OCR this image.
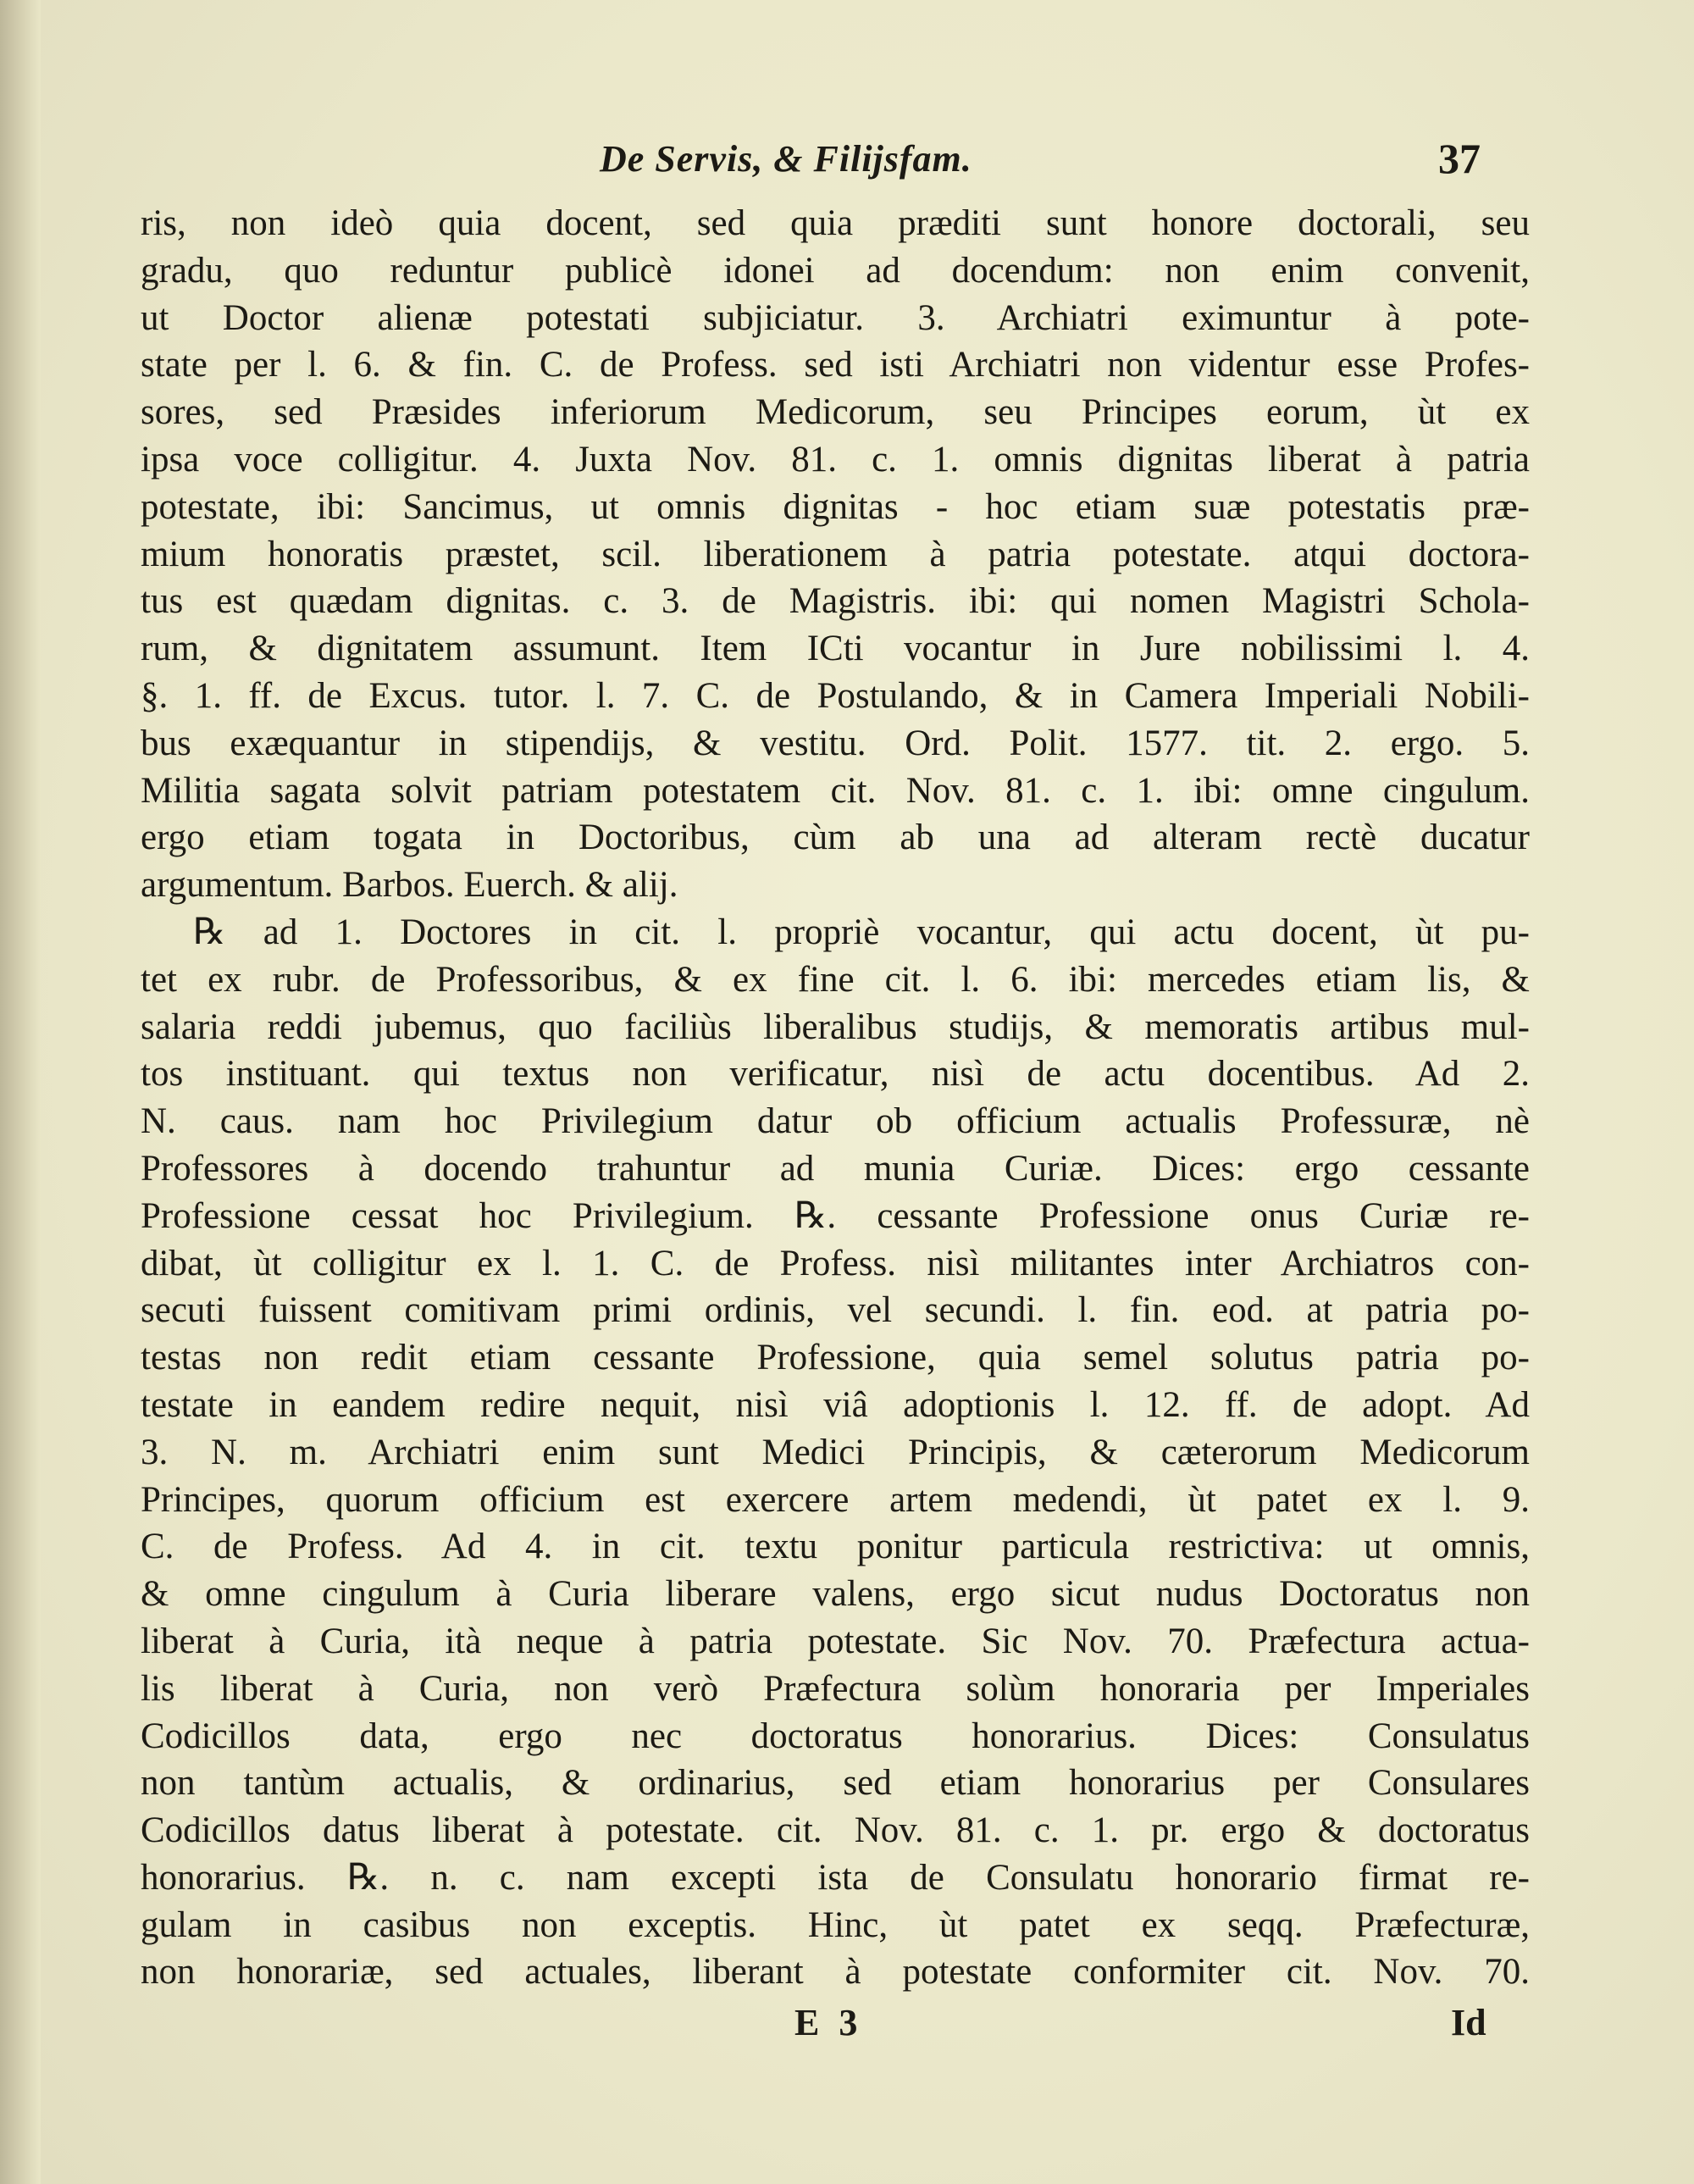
De Servis, & Filijsfam.	37
ris, non ideò quia docent, sed quia præditi sunt honore doctorali, seu
gradu, quo reduntur publicè idonei ad docendum: non enim convenit,
ut Doctor alienæ potestati subjiciatur. 3. Archiatri eximuntur à pote-
state per l. 6. & fin. C. de Profess. sed isti Archiatri non videntur esse Profes-
sores, sed Præsides inferiorum Medicorum, seu Principes eorum, ùt ex
ipsa voce colligitur. 4. Juxta Nov. 81. c. 1. omnis dignitas liberat à patria
potestate, ibi: Sancimus, ut omnis dignitas - hoc etiam suæ potestatis præ-
mium honoratis præstet, scil. liberationem à patria potestate. atqui doctora-
tus est quædam dignitas. c. 3. de Magistris. ibi: qui nomen Magistri Schola-
rum, & dignitatem assumunt. Item ICti vocantur in Jure nobilissimi l. 4.
§. 1. ff. de Excus. tutor. l. 7. C. de Postulando, & in Camera Imperiali Nobili-
bus exæquantur in stipendijs, & vestitu. Ord. Polit. 1577. tit. 2. ergo. 5.
Militia sagata solvit patriam potestatem cit. Nov. 81. c. 1. ibi: omne cingulum.
ergo etiam togata in Doctoribus, cùm ab una ad alteram rectè ducatur
argumentum. Barbos. Euerch. & alij.
℞ ad 1. Doctores in cit. l. propriè vocantur, qui actu docent, ùt pu-
tet ex rubr. de Professoribus, & ex fine cit. l. 6. ibi: mercedes etiam lis, &
salaria reddi jubemus, quo faciliùs liberalibus studijs, & memoratis artibus mul-
tos instituant. qui textus non verificatur, nisì de actu docentibus. Ad 2.
N. caus. nam hoc Privilegium datur ob officium actualis Professuræ, nè
Professores à docendo trahuntur ad munia Curiæ. Dices: ergo cessante
Professione cessat hoc Privilegium. ℞. cessante Professione onus Curiæ re-
dibat, ùt colligitur ex l. 1. C. de Profess. nisì militantes inter Archiatros con-
secuti fuissent comitivam primi ordinis, vel secundi. l. fin. eod. at patria po-
testas non redit etiam cessante Professione, quia semel solutus patria po-
testate in eandem redire nequit, nisì viâ adoptionis l. 12. ff. de adopt. Ad
3. N. m. Archiatri enim sunt Medici Principis, & cæterorum Medicorum
Principes, quorum officium est exercere artem medendi, ùt patet ex l. 9.
C. de Profess. Ad 4. in cit. textu ponitur particula restrictiva: ut omnis,
& omne cingulum à Curia liberare valens, ergo sicut nudus Doctoratus non
liberat à Curia, ità neque à patria potestate. Sic Nov. 70. Præfectura actua-
lis liberat à Curia, non verò Præfectura solùm honoraria per Imperiales
Codicillos data, ergo nec doctoratus honorarius. Dices: Consulatus
non tantùm actualis, & ordinarius, sed etiam honorarius per Consulares
Codicillos datus liberat à potestate. cit. Nov. 81. c. 1. pr. ergo & doctoratus
honorarius. ℞. n. c. nam excepti ista de Consulatu honorario firmat re-
gulam in casibus non exceptis. Hinc, ùt patet ex seqq. Præfecturæ,
non honorariæ, sed actuales, liberant à potestate conformiter cit. Nov. 70.
E 3	Id
